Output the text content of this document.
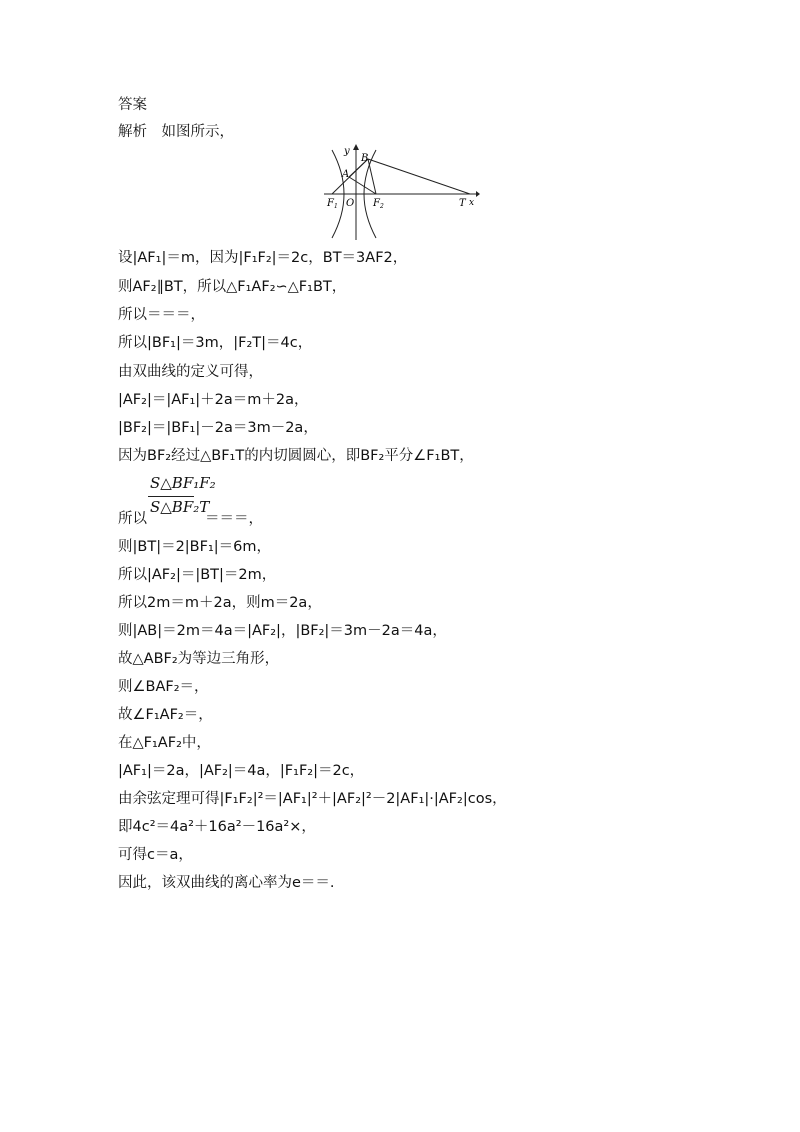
答案
解析　如图所示，
y
B
A
$F_1$ O $F_2$	T x
设|AF₁|＝m，因为|F₁F₂|＝2c，BT＝3AF2，
则AF₂∥BT，所以△F₁AF₂∽△F₁BT，
所以＝＝＝，
所以|BF₁|＝3m，|F₂T|＝4c，
由双曲线的定义可得，
|AF₂|＝|AF₁|＋2a＝m＋2a，
|BF₂|＝|BF₁|－2a＝3m－2a，
因为BF₂经过△BF₁T的内切圆圆心，即BF₂平分∠F₁BT，
S△BF₁F₂
S△BF₂T
所以　　　　＝＝＝，
则|BT|＝2|BF₁|＝6m，
所以|AF₂|＝|BT|＝2m，
所以2m＝m＋2a，则m＝2a，
则|AB|＝2m＝4a＝|AF₂|，|BF₂|＝3m－2a＝4a，
故△ABF₂为等边三角形，
则∠BAF₂＝，
故∠F₁AF₂＝，
在△F₁AF₂中，
|AF₁|＝2a，|AF₂|＝4a，|F₁F₂|＝2c，
由余弦定理可得|F₁F₂|²＝|AF₁|²＋|AF₂|²－2|AF₁|·|AF₂|cos，
即4c²＝4a²＋16a²－16a²×，
可得c＝a，
因此，该双曲线的离心率为e＝＝.
